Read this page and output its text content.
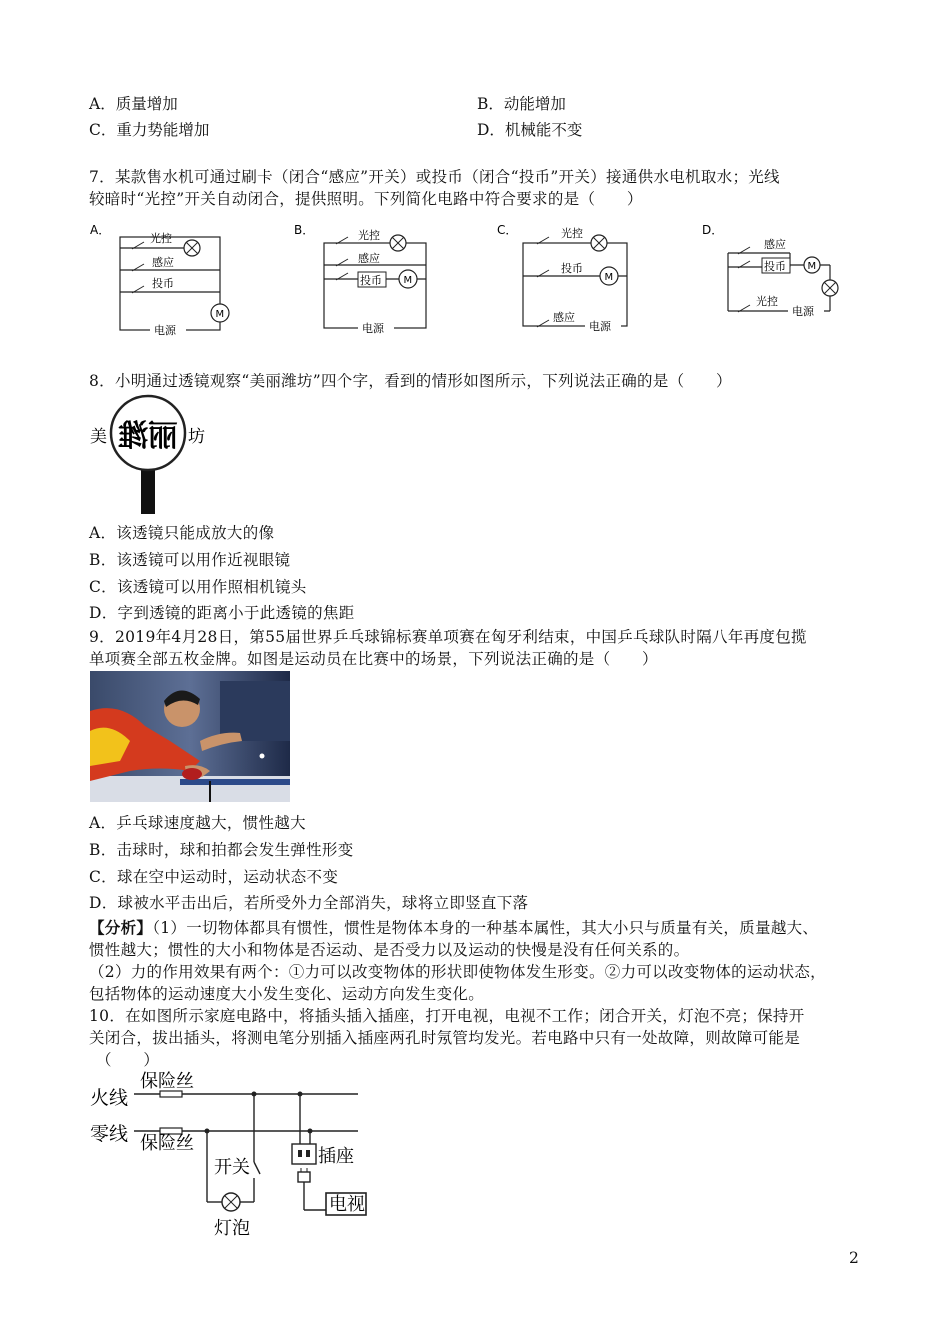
A．质量增加	B．动能增加
C．重力势能增加	D．机械能不变
7．某款售水机可通过刷卡（闭合“感应”开关）或投币（闭合“投币”开关）接通供水电机取水；光线
较暗时“光控”开关自动闭合，提供照明。下列简化电路中符合要求的是（　　）
A．
光控
感应
投币
M
电源
B．	光控
感应
投币 M
电源
C．	光控
投币
感应
M
电源
D．
感应
投币
光控
M
电源
8．小明通过透镜观察“美丽潍坊”四个字，看到的情形如图所示，下列说法正确的是（　　）
美 丽潍 坊
A．该透镜只能成放大的像
B．该透镜可以用作近视眼镜
C．该透镜可以用作照相机镜头
D．字到透镜的距离小于此透镜的焦距
9．2019年4月28日，第55届世界乒乓球锦标赛单项赛在匈牙利结束，中国乒乓球队时隔八年再度包揽
单项赛全部五枚金牌。如图是运动员在比赛中的场景，下列说法正确的是（　　）
A．乒乓球速度越大，惯性越大
B．击球时，球和拍都会发生弹性形变
C．球在空中运动时，运动状态不变
D．球被水平击出后，若所受外力全部消失，球将立即竖直下落
【分析】（1）一切物体都具有惯性，惯性是物体本身的一种基本属性，其大小只与质量有关，质量越大、
惯性越大；惯性的大小和物体是否运动、是否受力以及运动的快慢是没有任何关系的。
（2）力的作用效果有两个：①力可以改变物体的形状即使物体发生形变。②力可以改变物体的运动状态，
包括物体的运动速度大小发生变化、运动方向发生变化。
10．在如图所示家庭电路中，将插头插入插座，打开电视，电视不工作；闭合开关，灯泡不亮；保持开
关闭合，拔出插头，将测电笔分别插入插座两孔时氖管均发光。若电路中只有一处故障，则故障可能是
（　　）
火线
零线
保险丝
保险丝
开关
灯泡
插座
电视
2
